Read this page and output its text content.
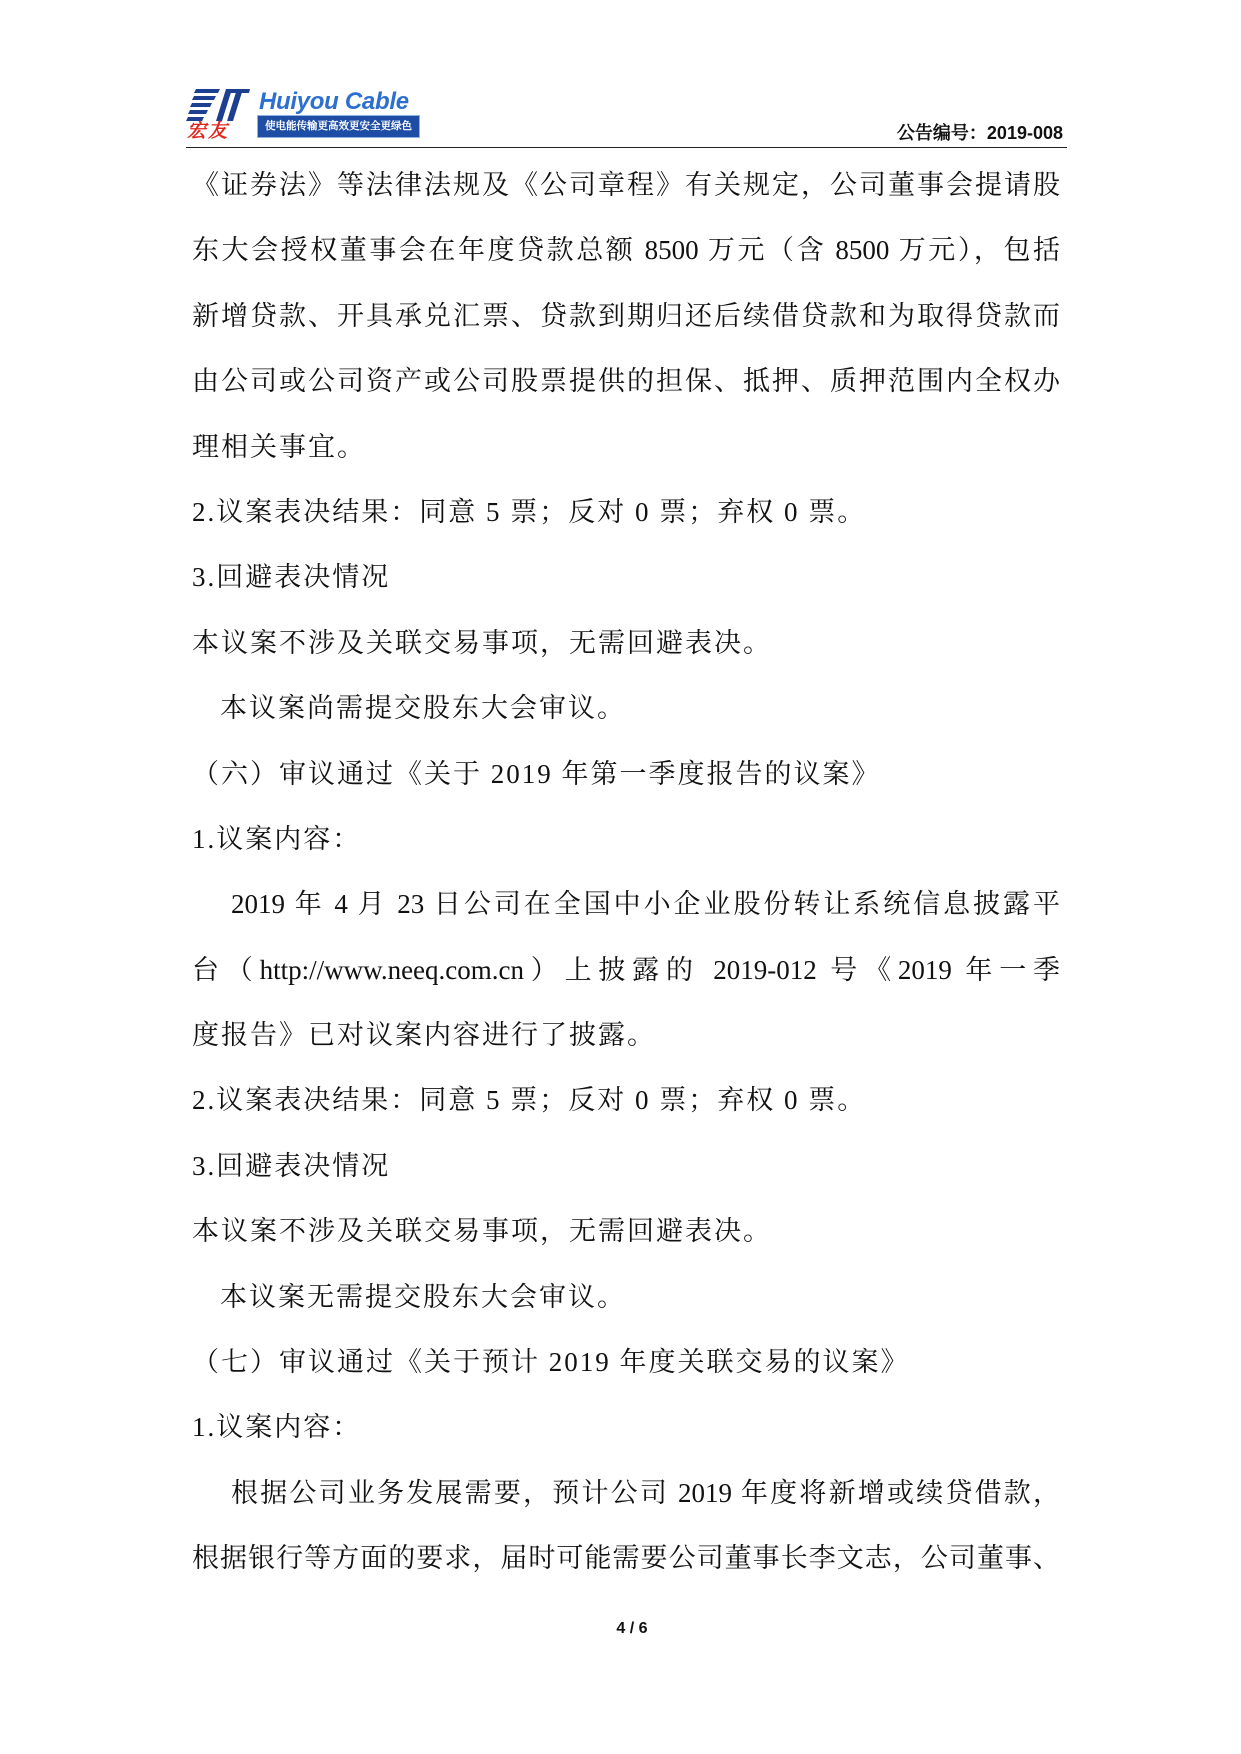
宏友
Huiyou Cable
使电能传输更高效更安全更绿色	公告编号：2019-008
《证券法》等法律法规及《公司章程》有关规定，公司董事会提请股
东大会授权董事会在年度贷款总额 8500 万元（含 8500 万元），包括
新增贷款、开具承兑汇票、贷款到期归还后续借贷款和为取得贷款而
由公司或公司资产或公司股票提供的担保、抵押、质押范围内全权办
理相关事宜。
2.议案表决结果：同意 5 票；反对 0 票；弃权 0 票。
3.回避表决情况
本议案不涉及关联交易事项，无需回避表决。
本议案尚需提交股东大会审议。
（六）审议通过《关于 2019 年第一季度报告的议案》
1.议案内容：
2019 年 4 月 23 日公司在全国中小企业股份转让系统信息披露平
台（http://www.neeq.com.cn）上披露的 2019-012 号《2019 年一季
度报告》已对议案内容进行了披露。
2.议案表决结果：同意 5 票；反对 0 票；弃权 0 票。
3.回避表决情况
本议案不涉及关联交易事项，无需回避表决。
本议案无需提交股东大会审议。
（七）审议通过《关于预计 2019 年度关联交易的议案》
1.议案内容：
根据公司业务发展需要，预计公司 2019 年度将新增或续贷借款，
根据银行等方面的要求，届时可能需要公司董事长李文志，公司董事、
4 / 6
